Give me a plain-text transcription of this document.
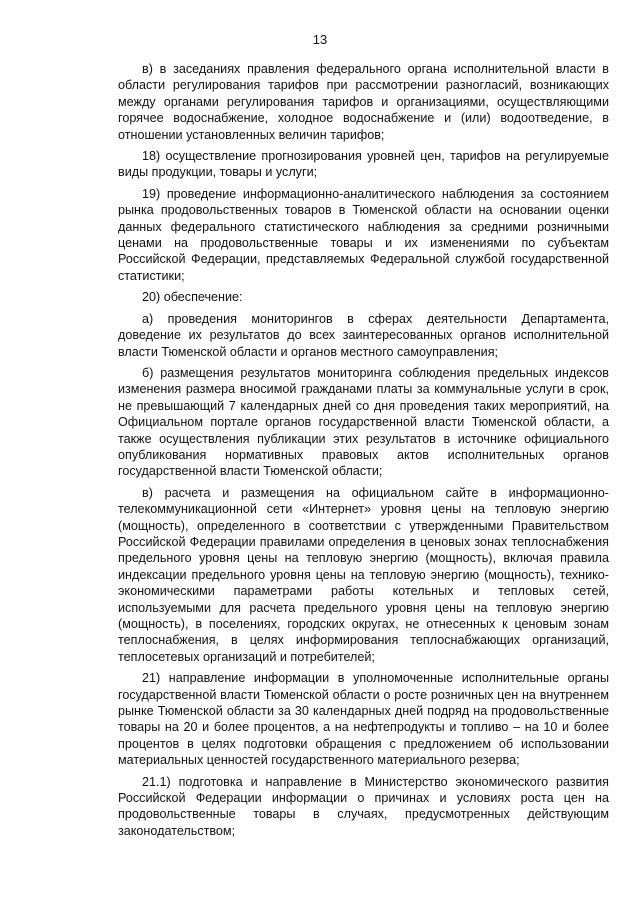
13

в) в заседаниях правления федерального органа исполнительной власти в области регулирования тарифов при рассмотрении разногласий, возникающих между органами регулирования тарифов и организациями, осуществляющими горячее водоснабжение, холодное водоснабжение и (или) водоотведение, в отношении установленных величин тарифов;

18) осуществление прогнозирования уровней цен, тарифов на регулируемые виды продукции, товары и услуги;

19) проведение информационно-аналитического наблюдения за состоянием рынка продовольственных товаров в Тюменской области на основании оценки данных федерального статистического наблюдения за средними розничными ценами на продовольственные товары и их изменениями по субъектам Российской Федерации, представляемых Федеральной службой государственной статистики;

20) обеспечение:

а) проведения мониторингов в сферах деятельности Департамента, доведение их результатов до всех заинтересованных органов исполнительной власти Тюменской области и органов местного самоуправления;

б) размещения результатов мониторинга соблюдения предельных индексов изменения размера вносимой гражданами платы за коммунальные услуги в срок, не превышающий 7 календарных дней со дня проведения таких мероприятий, на Официальном портале органов государственной власти Тюменской области, а также осуществления публикации этих результатов в источнике официального опубликования нормативных правовых актов исполнительных органов государственной власти Тюменской области;

в) расчета и размещения на официальном сайте в информационно-телекоммуникационной сети «Интернет» уровня цены на тепловую энергию (мощность), определенного в соответствии с утвержденными Правительством Российской Федерации правилами определения в ценовых зонах теплоснабжения предельного уровня цены на тепловую энергию (мощность), включая правила индексации предельного уровня цены на тепловую энергию (мощность), технико-экономическими параметрами работы котельных и тепловых сетей, используемыми для расчета предельного уровня цены на тепловую энергию (мощность), в поселениях, городских округах, не отнесенных к ценовым зонам теплоснабжения, в целях информирования теплоснабжающих организаций, теплосетевых организаций и потребителей;

21) направление информации в уполномоченные исполнительные органы государственной власти Тюменской области о росте розничных цен на внутреннем рынке Тюменской области за 30 календарных дней подряд на продовольственные товары на 20 и более процентов, а на нефтепродукты и топливо – на 10 и более процентов в целях подготовки обращения с предложением об использовании материальных ценностей государственного материального резерва;

21.1) подготовка и направление в Министерство экономического развития Российской Федерации информации о причинах и условиях роста цен на продовольственные товары в случаях, предусмотренных действующим законодательством;
